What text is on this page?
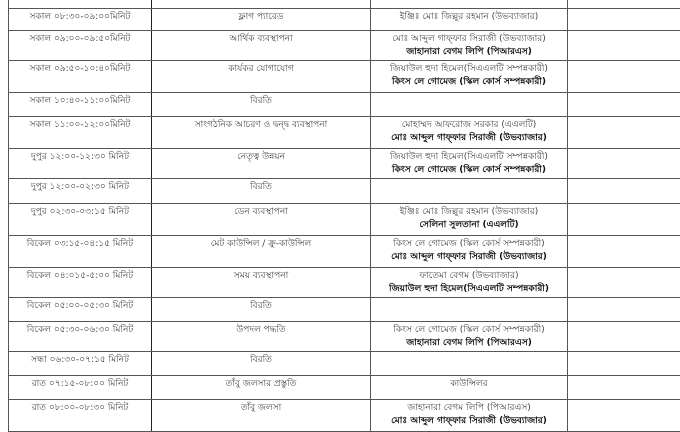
সকাল ০৮:৩০-০৯:০০মিনিট	ফ্লাগ প্যারেড	ইঞ্জিঃ মোঃ জিল্লুর রহমান (উভব্যাজার)	

সকাল ০৯:০০-০৯:৫০মিনিট	আর্থিক ব্যবস্থাপনা	মোঃ আব্দুল গাফ্ফার সিরাজী (উভব্যাজার)
জাহানারা বেগম লিপি (পিআরএস)	

সকাল ০৯:৫০-১০:৪০মিনিট	কার্যকর যোগাযোগ	জিয়াউল হুদা হিমেল(সিএএলটি সম্পন্নকারী)
কিংস লে গোমেজ (স্কিল কোর্স সম্পন্নকারী)	

সকাল ১০:৪০-১১:০০মিনিট	বিরতি	

সকাল ১১:০০-১২:০০মিনিট	সাংগঠনিক আচরণ ও দ্বন্দ্ব ব্যবস্থাপনা	মোহাম্মদ আফরোজ সরকার (এএলটি)
মোঃ আব্দুল গাফ্ফার সিরাজী (উভব্যাজার)	

দুপুর ১২:০০-১২:৩০ মিনিট	নেতৃত্ব উন্নয়ন	জিয়াউল হুদা হিমেল(সিএএলটি সম্পন্নকারী)
কিংস লে গোমেজ (স্কিল কোর্স সম্পন্নকারী)	

দুপুর ১২:০০-০২:৩০ মিনিট	বিরতি	

দুপুর ০২:৩০-০৩:১৫ মিনিট	ডেন ব্যবস্থাপনা	ইঞ্জিঃ মোঃ জিল্লুর রহমান (উভব্যাজার)
সেলিনা সুলতানা (এএলটি)	

বিকেল ০৩:১৫-০৪:১৫ মিনিট	মেট কাউন্সিল / ক্রু-কাউন্সিল	কিংস লে গোমেজ (স্কিল কোর্স সম্পন্নকারী)
মোঃ আব্দুল গাফ্ফার সিরাজী (উভব্যাজার)	

বিকেল ০৪:০১৫-৫:০০ মিনিট	সময় ব্যবস্থাপনা	ফাতেমা বেগম (উভব্যাজার)
জিয়াউল হুদা হিমেল(সিএএলটি সম্পন্নকারী)	

বিকেল ০৫:০০-০৫:৩০ মিনিট	বিরতি	

বিকেল ০৫:৩০-০৬:৩০ মিনিট	উপদল পদ্ধতি	কিংস লে গোমেজ (স্কিল কোর্স সম্পন্নকারী)
জাহানারা বেগম লিপি (পিআরএস)	

সন্ধা ০৬:৩০-০৭:১৫ মিনিট	বিরতি	

রাত ০৭:১৫-০৮:০০ মিনিট	তাঁবু জলসার প্রস্তুতি	কাউন্সিলর	

রাত ০৮:০০-০৮:৩০ মিনিট	তাঁবু জলসা	জাহানারা বেগম লিপি (পিআরএস)
মোঃ আব্দুল গাফ্ফার সিরাজী (উভব্যাজার)	
